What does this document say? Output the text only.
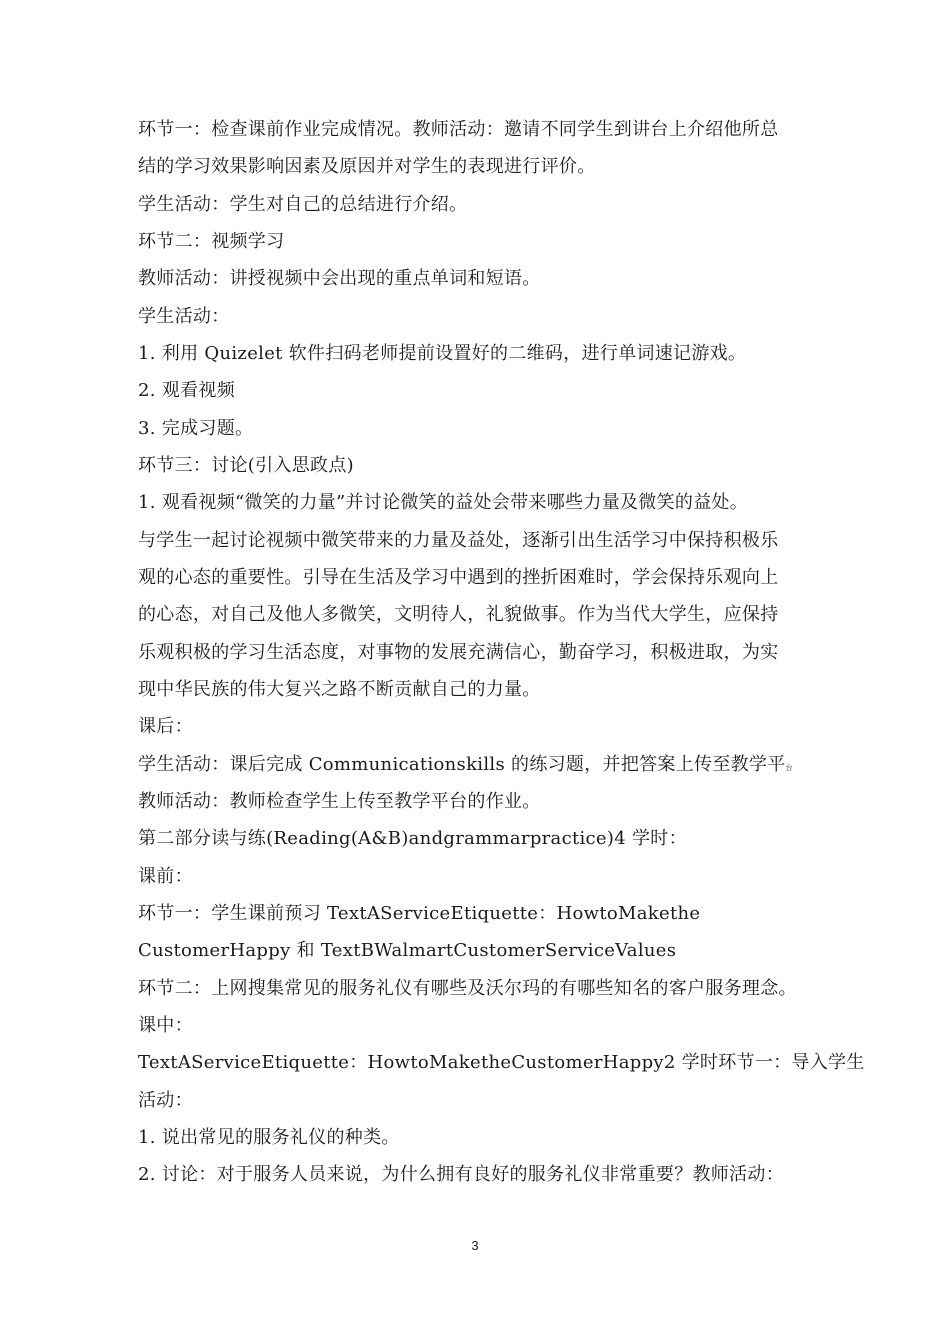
环节一：检查课前作业完成情况。教师活动：邀请不同学生到讲台上介绍他所总
结的学习效果影响因素及原因并对学生的表现进行评价。
学生活动：学生对自己的总结进行介绍。
环节二：视频学习
教师活动：讲授视频中会出现的重点单词和短语。
学生活动：
1. 利用 Quizelet 软件扫码老师提前设置好的二维码，进行单词速记游戏。
2. 观看视频
3. 完成习题。
环节三：讨论(引入思政点)
1. 观看视频“微笑的力量”并讨论微笑的益处会带来哪些力量及微笑的益处。
与学生一起讨论视频中微笑带来的力量及益处，逐渐引出生活学习中保持积极乐
观的心态的重要性。引导在生活及学习中遇到的挫折困难时，学会保持乐观向上
的心态，对自己及他人多微笑，文明待人，礼貌做事。作为当代大学生，应保持
乐观积极的学习生活态度，对事物的发展充满信心，勤奋学习，积极进取，为实
现中华民族的伟大复兴之路不断贡献自己的力量。
课后：
学生活动：课后完成 Communicationskills 的练习题，并把答案上传至教学平台
教师活动：教师检查学生上传至教学平台的作业。
第二部分读与练(Reading(A&B)andgrammarpractice)4 学时：
课前：
环节一：学生课前预习 TextAServiceEtiquette：HowtoMakethe
CustomerHappy 和 TextBWalmartCustomerServiceValues
环节二：上网搜集常见的服务礼仪有哪些及沃尔玛的有哪些知名的客户服务理念。
课中：
TextAServiceEtiquette：HowtoMaketheCustomerHappy2 学时环节一：导入学生
活动：
1. 说出常见的服务礼仪的种类。
2. 讨论：对于服务人员来说，为什么拥有良好的服务礼仪非常重要？教师活动：
3
